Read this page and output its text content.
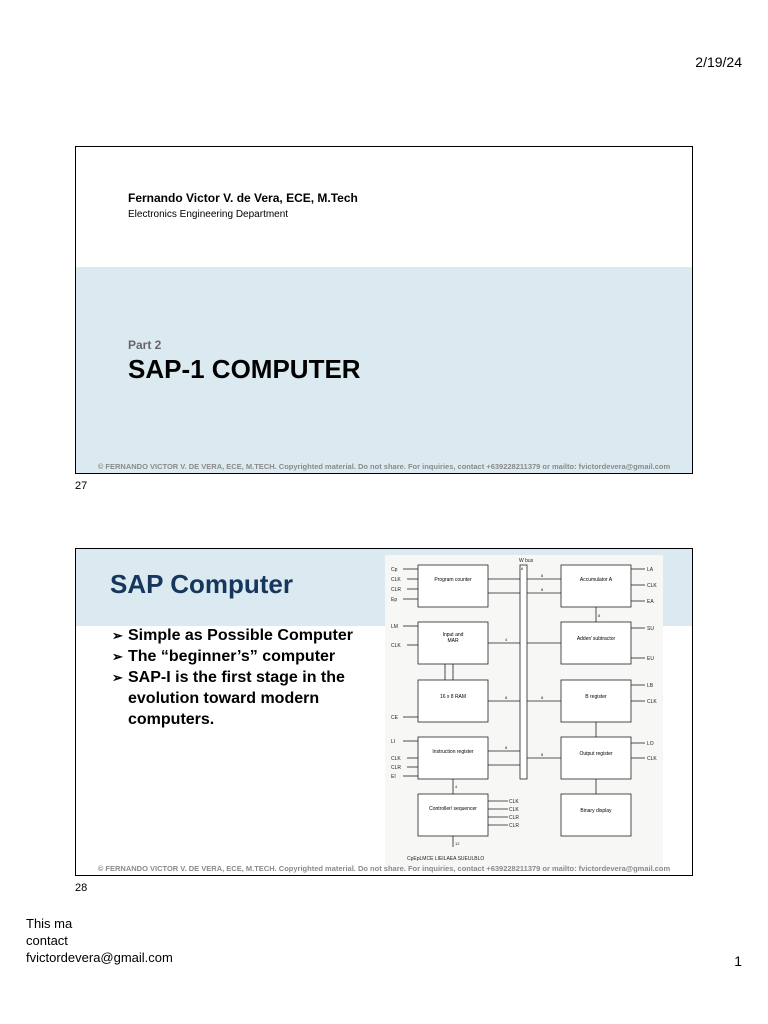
2/19/24
Fernando Victor V. de Vera, ECE, M.Tech
Electronics Engineering Department
Part 2
SAP-1 COMPUTER
© FERNANDO VICTOR V. DE VERA, ECE, M.TECH. Copyrighted material. Do not share. For inquiries, contact +639228211379 or mailto: fvictordevera@gmail.com
27
SAP Computer
➢ Simple as Possible Computer
➢ The “beginner’s” computer
➢ SAP-I is the first stage in the evolution toward modern computers.
W bus
8
Program counter
Input and MAR
16 x 8 RAM
Instruction register
Controller/ sequencer
Accumulator A
Adder/ subtractor
B register
Output register
Binary display
4
8
8
8
8
8
8
8
4
12
Cp
CLK
CLR
Ep
LM
CLK
CE
LI
CLK
CLR
EI
CLK
CLK
CLR
CLR
LA
CLK
EA
SU
EU
LB
CLK
LO
CLK
CpEpLMCE LIEILAEA SUEULBLO
© FERNANDO VICTOR V. DE VERA, ECE, M.TECH. Copyrighted material. Do not share. For inquiries, contact +639228211379 or mailto: fvictordevera@gmail.com
28
This ma
contact
fvictordevera@gmail.com	1
